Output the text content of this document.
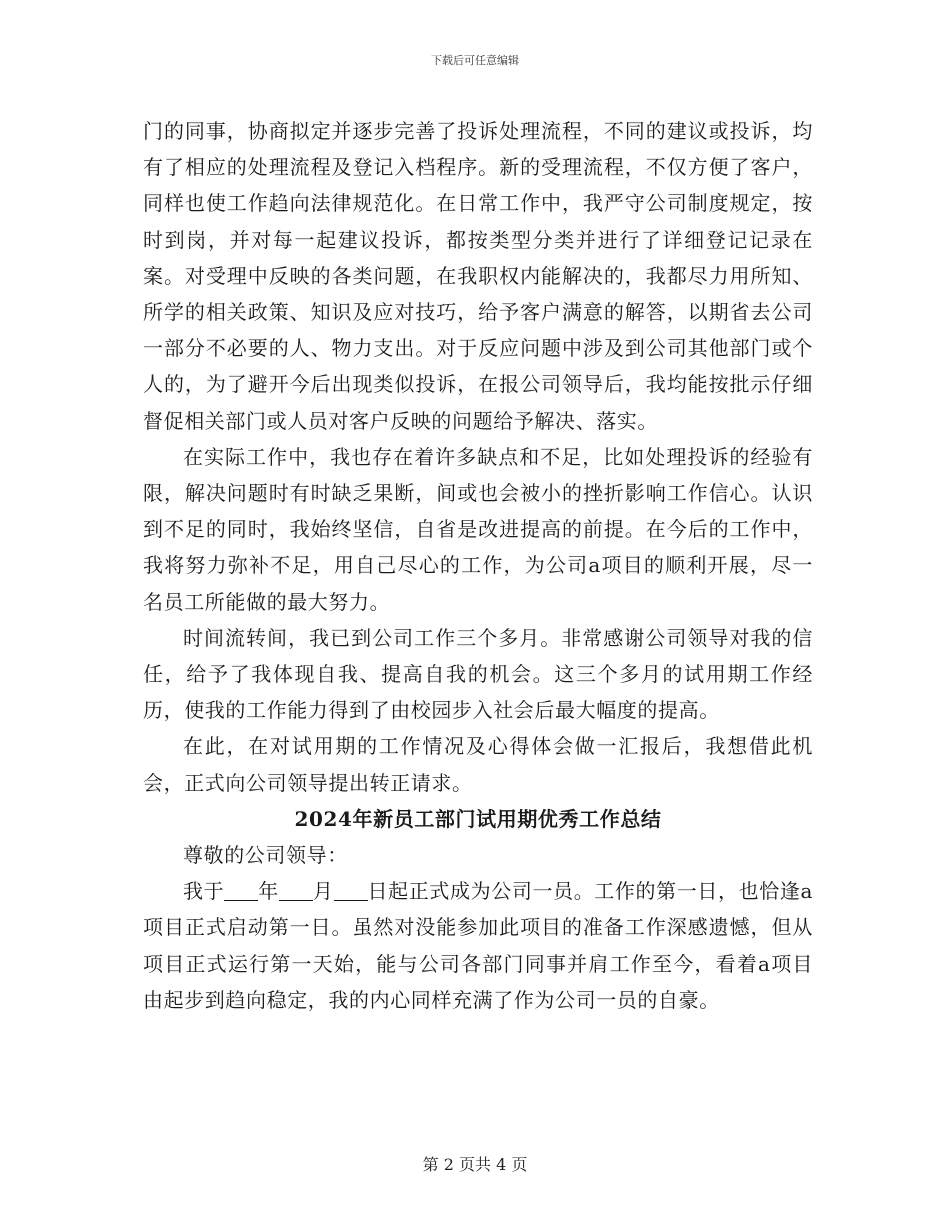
下载后可任意编辑

门的同事，协商拟定并逐步完善了投诉处理流程，不同的建议或投诉，均有了相应的处理流程及登记入档程序。新的受理流程，不仅方便了客户，同样也使工作趋向法律规范化。在日常工作中，我严守公司制度规定，按时到岗，并对每一起建议投诉，都按类型分类并进行了详细登记记录在案。对受理中反映的各类问题，在我职权内能解决的，我都尽力用所知、所学的相关政策、知识及应对技巧，给予客户满意的解答，以期省去公司一部分不必要的人、物力支出。对于反应问题中涉及到公司其他部门或个人的，为了避开今后出现类似投诉，在报公司领导后，我均能按批示仔细督促相关部门或人员对客户反映的问题给予解决、落实。

在实际工作中，我也存在着许多缺点和不足，比如处理投诉的经验有限，解决问题时有时缺乏果断，间或也会被小的挫折影响工作信心。认识到不足的同时，我始终坚信，自省是改进提高的前提。在今后的工作中，我将努力弥补不足，用自己尽心的工作，为公司a项目的顺利开展，尽一名员工所能做的最大努力。

时间流转间，我已到公司工作三个多月。非常感谢公司领导对我的信任，给予了我体现自我、提高自我的机会。这三个多月的试用期工作经历，使我的工作能力得到了由校园步入社会后最大幅度的提高。

在此，在对试用期的工作情况及心得体会做一汇报后，我想借此机会，正式向公司领导提出转正请求。

2024年新员工部门试用期优秀工作总结

尊敬的公司领导：

我于 年 月 日起正式成为公司一员。工作的第一日，也恰逢a项目正式启动第一日。虽然对没能参加此项目的准备工作深感遗憾，但从项目正式运行第一天始，能与公司各部门同事并肩工作至今，看着a项目由起步到趋向稳定，我的内心同样充满了作为公司一员的自豪。

第 2 页共 4 页
